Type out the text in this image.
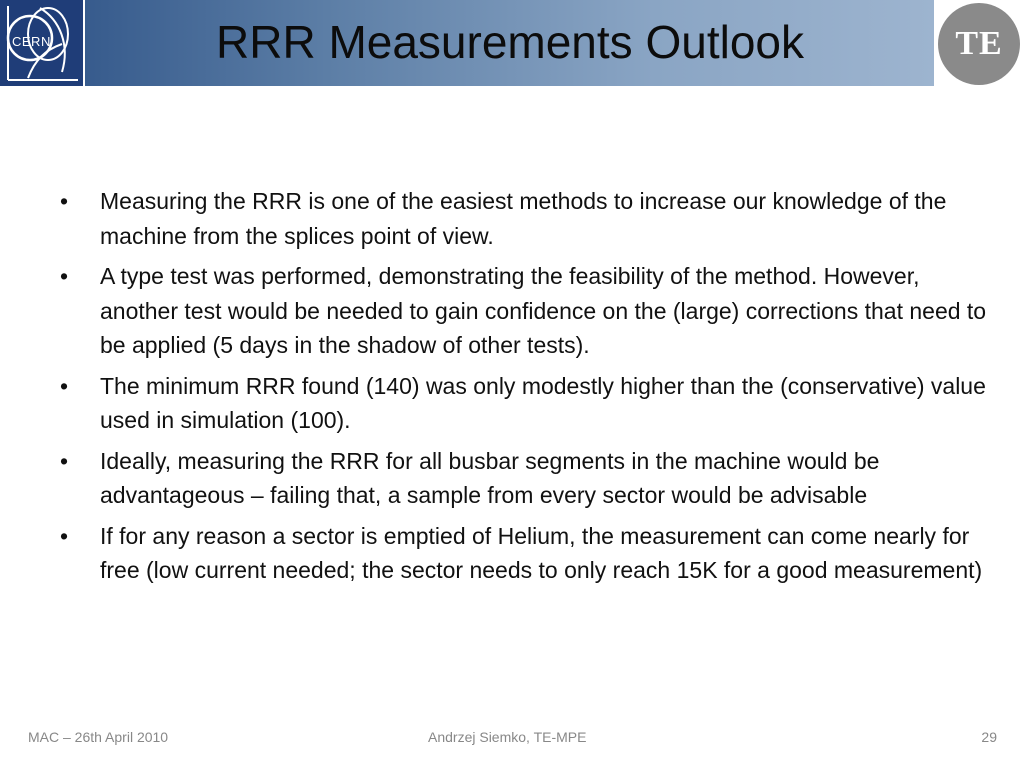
CERN	RRR Measurements Outlook	TE
• Measuring the RRR is one of the easiest methods to increase our knowledge of the machine from the splices point of view.
• A type test was performed, demonstrating the feasibility of the method. However, another test would be needed to gain confidence on the (large) corrections that need to be applied (5 days in the shadow of other tests).
• The minimum RRR found (140) was only modestly higher than the (conservative) value used in simulation (100).
• Ideally, measuring the RRR for all busbar segments in the machine would be advantageous – failing that, a sample from every sector would be advisable
• If for any reason a sector is emptied of Helium, the measurement can come nearly for free (low current needed; the sector needs to only reach 15K for a good measurement)
MAC – 26th April 2010	Andrzej Siemko, TE-MPE	29
